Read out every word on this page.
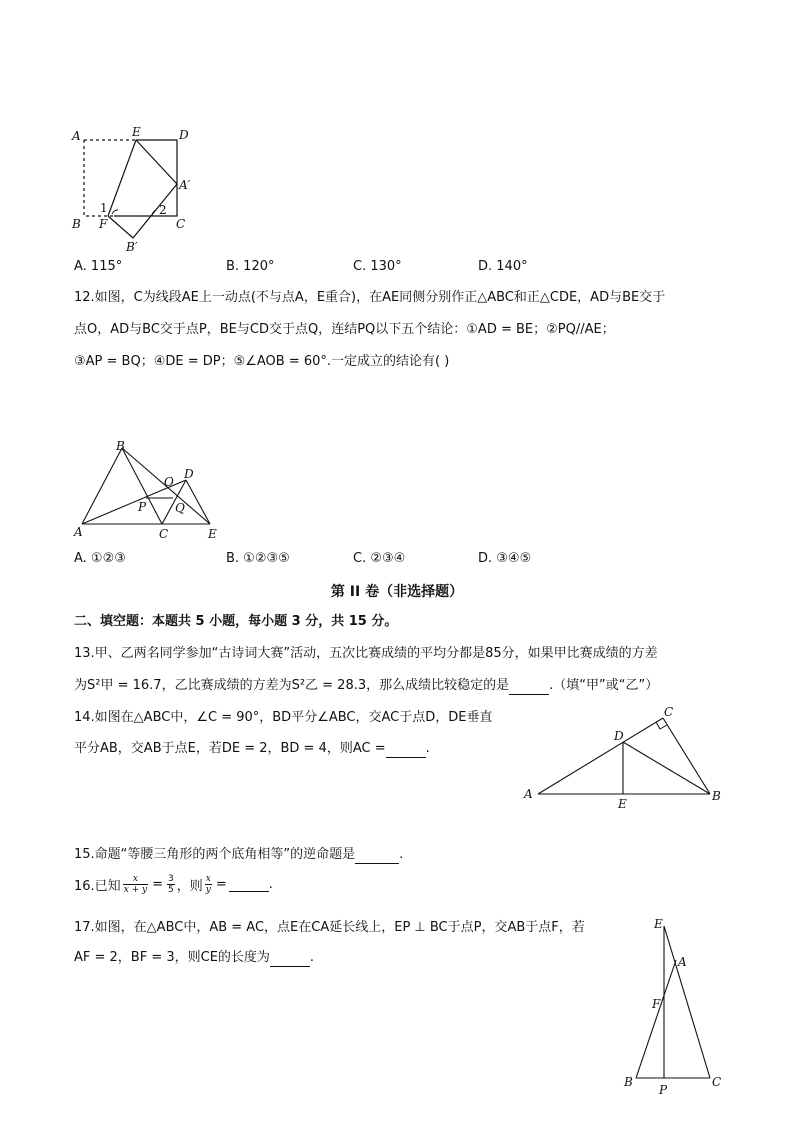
A	E	D
A′
B F	C
B′
1	2
A. 115°	B. 120°	C. 130°	D. 140°
12.如图，C为线段AE上一动点(不与点A，E重合)，在AE同侧分别作正△ABC和正△CDE，AD与BE交于
点O，AD与BC交于点P，BE与CD交于点Q，连结PQ以下五个结论：①AD = BE；②PQ//AE；
③AP = BQ；④DE = DP；⑤∠AOB = 60°.一定成立的结论有( )
B
O
D
P Q
A	C	E
A. ①②③	B. ①②③⑤	C. ②③④	D. ③④⑤
第 II 卷（非选择题）
二、填空题：本题共 5 小题，每小题 3 分，共 15 分。
13.甲、乙两名同学参加“古诗词大赛”活动，五次比赛成绩的平均分都是85分，如果甲比赛成绩的方差
为S²甲 = 16.7，乙比赛成绩的方差为S²乙 = 28.3，那么成绩比较稳定的是	.（填“甲”或“乙”）
14.如图在△ABC中，∠C = 90°，BD平分∠ABC，交AC于点D，DE垂直
平分AB，交AB于点E，若DE = 2，BD = 4，则AC =	.
C
D
A
E
B
15.命题“等腰三角形的两个底角相等”的逆命题是	.
16.已知 $\frac{x}{x + y} = \frac{3}{5}$ ，则 $\frac{x}{y}$ =	.
17.如图，在△ABC中，AB = AC，点E在CA延长线上，EP ⊥ BC于点P，交AB于点F，若
AF = 2，BF = 3，则CE的长度为	.
E
A
F
B
P
C
